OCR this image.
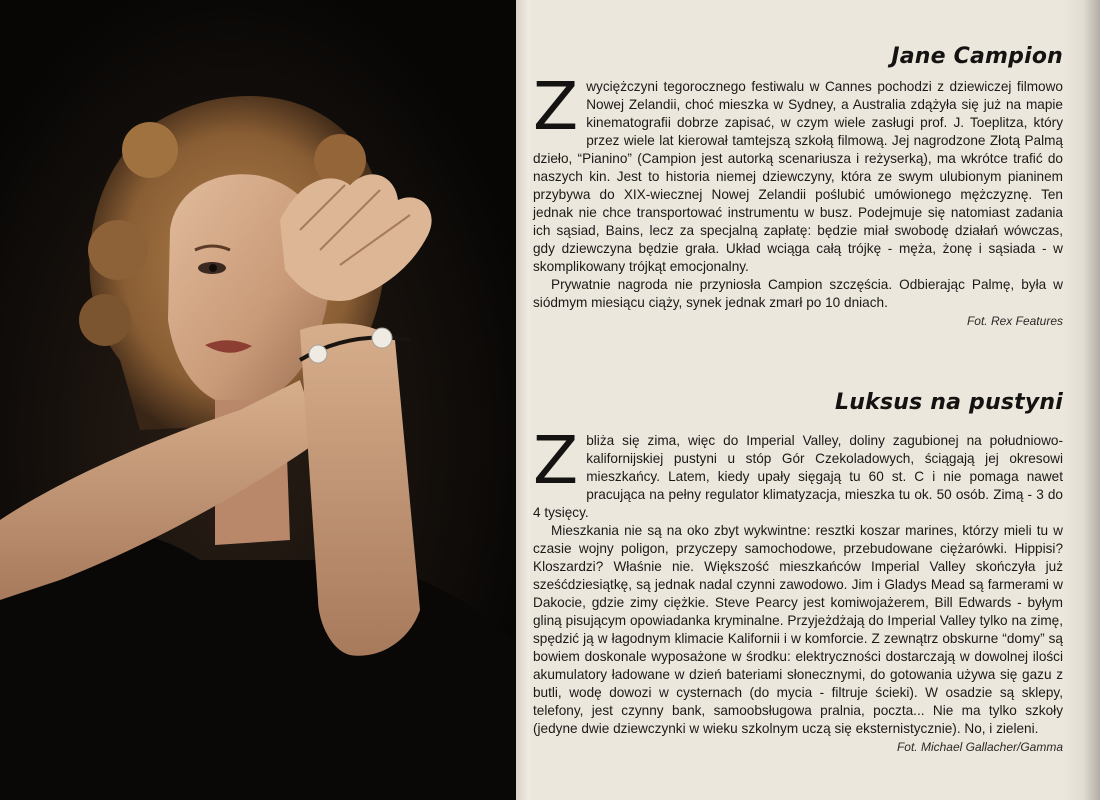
Jane Campion

Zwyciężczyni tegorocznego festiwalu w Cannes pochodzi z dziewiczej filmowo Nowej Zelandii, choć mieszka w Sydney, a Australia zdążyła się już na mapie kinematografii dobrze zapisać, w czym wiele zasługi prof. J. Toeplitza, który przez wiele lat kierował tamtejszą szkołą filmową. Jej nagrodzone Złotą Palmą dzieło, “Pianino” (Campion jest autorką scenariusza i reżyserką), ma wkrótce trafić do naszych kin. Jest to historia niemej dziewczyny, która ze swym ulubionym pianinem przybywa do XIX-wiecznej Nowej Zelandii poślubić umówionego mężczyznę. Ten jednak nie chce transportować instrumentu w busz. Podejmuje się natomiast zadania ich sąsiad, Bains, lecz za specjalną zapłatę: będzie miał swobodę działań wówczas, gdy dziewczyna będzie grała. Układ wciąga całą trójkę - męża, żonę i sąsiada - w skomplikowany trójkąt emocjonalny.

Prywatnie nagroda nie przyniosła Campion szczęścia. Odbierając Palmę, była w siódmym miesiącu ciąży, synek jednak zmarł po 10 dniach.

Fot. Rex Features
Luksus na pustyni

Zbliża się zima, więc do Imperial Valley, doliny zagubionej na południowo-kalifornijskiej pustyni u stóp Gór Czekoladowych, ściągają jej okresowi mieszkańcy. Latem, kiedy upały sięgają tu 60 st. C i nie pomaga nawet pracująca na pełny regulator klimatyzacja, mieszka tu ok. 50 osób. Zimą - 3 do 4 tysięcy.

Mieszkania nie są na oko zbyt wykwintne: resztki koszar marines, którzy mieli tu w czasie wojny poligon, przyczepy samochodowe, przebudowane ciężarówki. Hippisi? Kloszardzi? Właśnie nie. Większość mieszkańców Imperial Valley skończyła już sześćdziesiątkę, są jednak nadal czynni zawodowo. Jim i Gladys Mead są farmerami w Dakocie, gdzie zimy ciężkie. Steve Pearcy jest komiwojażerem, Bill Edwards - byłym gliną pisującym opowiadanka kryminalne. Przyjeżdżają do Imperial Valley tylko na zimę, spędzić ją w łagodnym klimacie Kalifornii i w komforcie. Z zewnątrz obskurne “domy” są bowiem doskonale wyposażone w środku: elektryczności dostarczają w dowolnej ilości akumulatory ładowane w dzień bateriami słonecznymi, do gotowania używa się gazu z butli, wodę dowozi w cysternach (do mycia - filtruje ścieki). W osadzie są sklepy, telefony, jest czynny bank, samoobsługowa pralnia, poczta... Nie ma tylko szkoły (jedyne dwie dziewczynki w wieku szkolnym uczą się eksternistycznie). No, i zieleni.

Fot. Michael Gallacher/Gamma
